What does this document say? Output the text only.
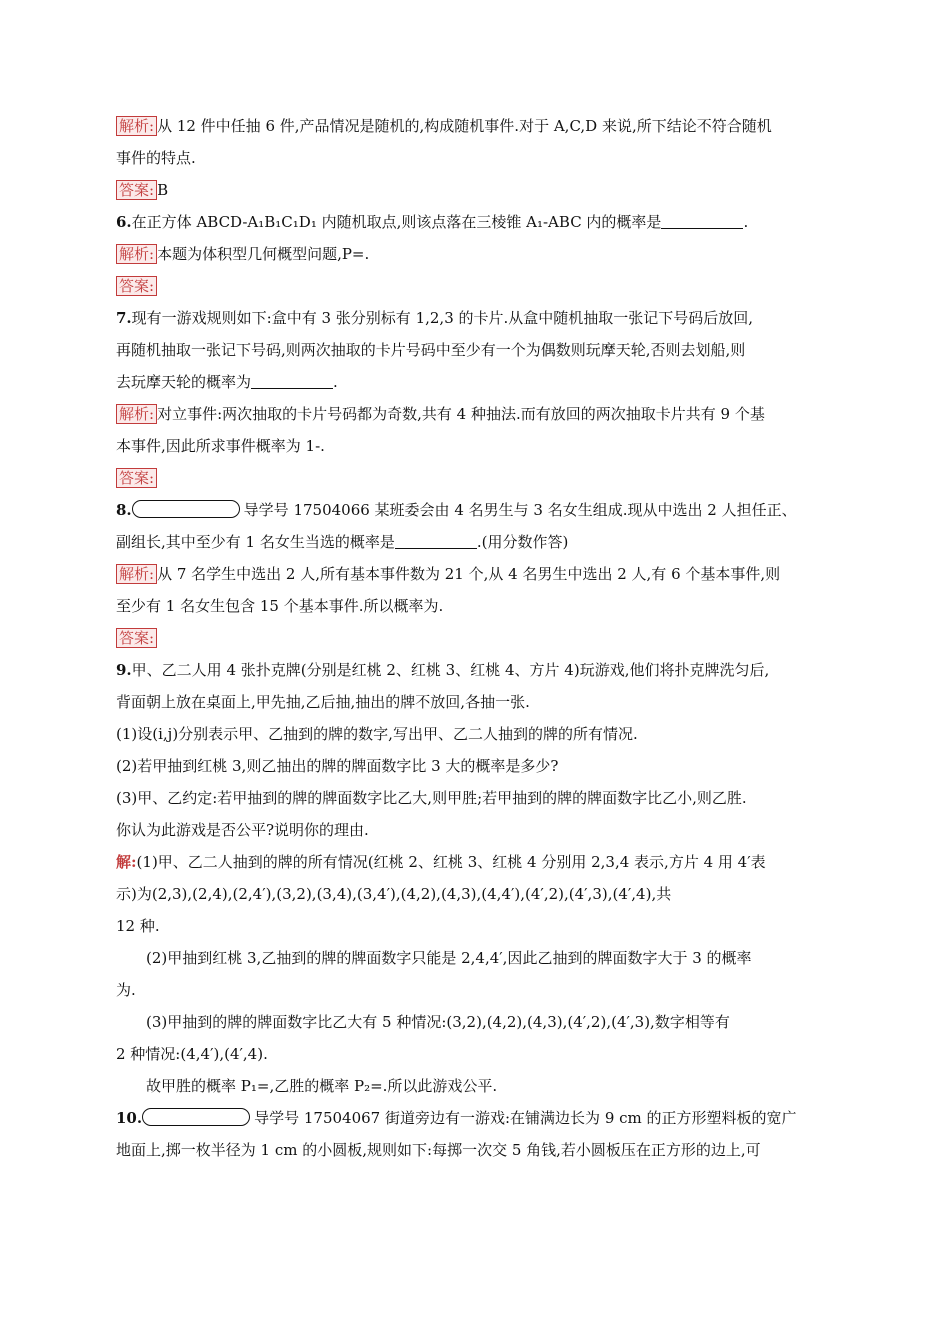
解析: 从 12 件中任抽 6 件,产品情况是随机的,构成随机事件.对于 A,C,D 来说,所下结论不符合随机
事件的特点.
答案: B
6.在正方体 ABCD-A₁B₁C₁D₁ 内随机取点,则该点落在三棱锥 A₁-ABC 内的概率是	.
解析: 本题为体积型几何概型问题,P=.
答案:
7.现有一游戏规则如下:盒中有 3 张分别标有 1,2,3 的卡片.从盒中随机抽取一张记下号码后放回,
再随机抽取一张记下号码,则两次抽取的卡片号码中至少有一个为偶数则玩摩天轮,否则去划船,则
去玩摩天轮的概率为	.
解析: 对立事件:两次抽取的卡片号码都为奇数,共有 4 种抽法.而有放回的两次抽取卡片共有 9 个基
本事件,因此所求事件概率为 1-.
答案:
8.	导学号 17504066 某班委会由 4 名男生与 3 名女生组成.现从中选出 2 人担任正、
副组长,其中至少有 1 名女生当选的概率是	.(用分数作答)
解析: 从 7 名学生中选出 2 人,所有基本事件数为 21 个,从 4 名男生中选出 2 人,有 6 个基本事件,则
至少有 1 名女生包含 15 个基本事件.所以概率为.
答案:
9.甲、乙二人用 4 张扑克牌(分别是红桃 2、红桃 3、红桃 4、方片 4)玩游戏,他们将扑克牌洗匀后,
背面朝上放在桌面上,甲先抽,乙后抽,抽出的牌不放回,各抽一张.
(1)设(i,j)分别表示甲、乙抽到的牌的数字,写出甲、乙二人抽到的牌的所有情况.
(2)若甲抽到红桃 3,则乙抽出的牌的牌面数字比 3 大的概率是多少?
(3)甲、乙约定:若甲抽到的牌的牌面数字比乙大,则甲胜;若甲抽到的牌的牌面数字比乙小,则乙胜.
你认为此游戏是否公平?说明你的理由.
解:(1)甲、乙二人抽到的牌的所有情况(红桃 2、红桃 3、红桃 4 分别用 2,3,4 表示,方片 4 用 4′表
示)为(2,3),(2,4),(2,4′),(3,2),(3,4),(3,4′),(4,2),(4,3),(4,4′),(4′,2),(4′,3),(4′,4),共
12 种.
(2)甲抽到红桃 3,乙抽到的牌的牌面数字只能是 2,4,4′,因此乙抽到的牌面数字大于 3 的概率
为.
(3)甲抽到的牌的牌面数字比乙大有 5 种情况:(3,2),(4,2),(4,3),(4′,2),(4′,3),数字相等有
2 种情况:(4,4′),(4′,4).
故甲胜的概率 P₁=,乙胜的概率 P₂=.所以此游戏公平.
10.	导学号 17504067 街道旁边有一游戏:在铺满边长为 9 cm 的正方形塑料板的宽广
地面上,掷一枚半径为 1 cm 的小圆板,规则如下:每掷一次交 5 角钱,若小圆板压在正方形的边上,可
